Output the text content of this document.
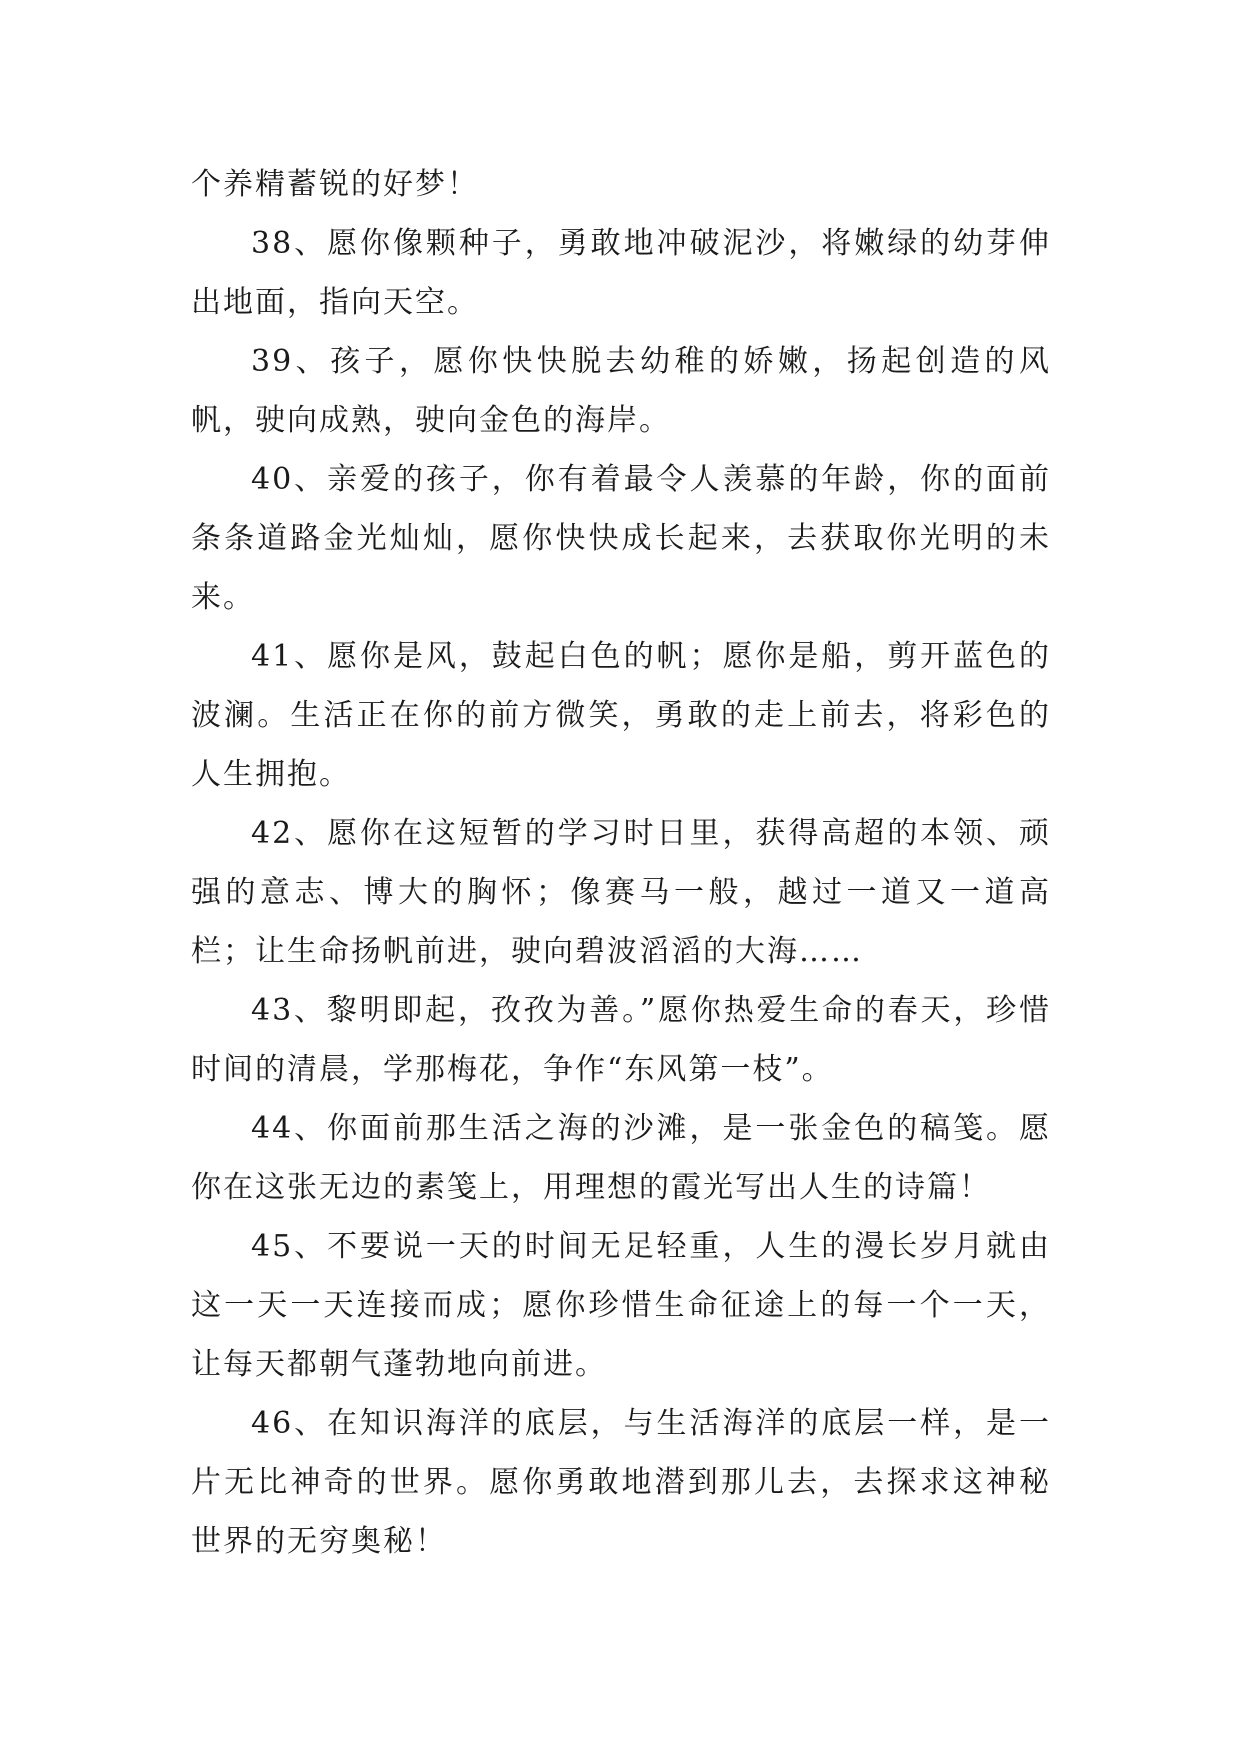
个养精蓄锐的好梦！

38、愿你像颗种子，勇敢地冲破泥沙，将嫩绿的幼芽伸出地面，指向天空。

39、孩子，愿你快快脱去幼稚的娇嫩，扬起创造的风帆，驶向成熟，驶向金色的海岸。

40、亲爱的孩子，你有着最令人羡慕的年龄，你的面前条条道路金光灿灿，愿你快快成长起来，去获取你光明的未来。

41、愿你是风，鼓起白色的帆；愿你是船，剪开蓝色的波澜。生活正在你的前方微笑，勇敢的走上前去，将彩色的人生拥抱。

42、愿你在这短暂的学习时日里，获得高超的本领、顽强的意志、博大的胸怀；像赛马一般，越过一道又一道高栏；让生命扬帆前进，驶向碧波滔滔的大海……

43、黎明即起，孜孜为善。”愿你热爱生命的春天，珍惜时间的清晨，学那梅花，争作“东风第一枝”。

44、你面前那生活之海的沙滩，是一张金色的稿笺。愿你在这张无边的素笺上，用理想的霞光写出人生的诗篇！

45、不要说一天的时间无足轻重，人生的漫长岁月就由这一天一天连接而成；愿你珍惜生命征途上的每一个一天，让每天都朝气蓬勃地向前进。

46、在知识海洋的底层，与生活海洋的底层一样，是一片无比神奇的世界。愿你勇敢地潜到那儿去，去探求这神秘世界的无穷奥秘！
